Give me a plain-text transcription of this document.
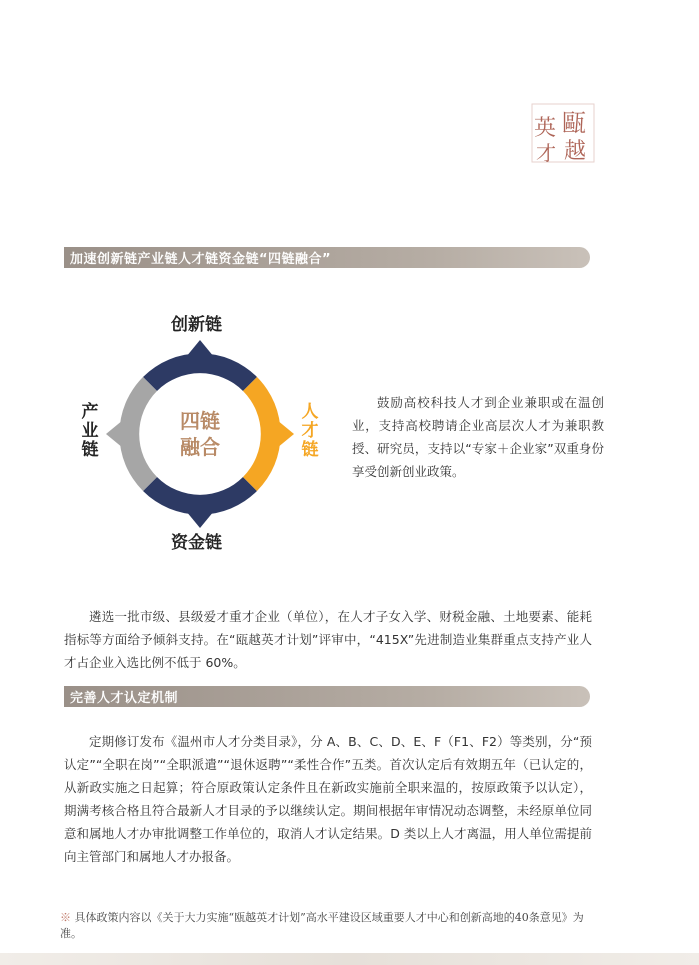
甌
越
英
才
加速创新链产业链人才链资金链“四链融合”
创新链
资金链
产
业
链
人
才
链
四链
融合

鼓励高校科技人才到企业兼职或在温创业，支持高校聘请企业高层次人才为兼职教授、研究员，支持以“专家＋企业家”双重身份享受创新创业政策。

遴选一批市级、县级爱才重才企业（单位），在人才子女入学、财税金融、土地要素、能耗指标等方面给予倾斜支持。在“瓯越英才计划”评审中，“415X”先进制造业集群重点支持产业人才占企业入选比例不低于 60%。

完善人才认定机制

定期修订发布《温州市人才分类目录》，分 A、B、C、D、E、F（F1、F2）等类别，分“预认定”“全职在岗”“全职派遣”“退休返聘”“柔性合作”五类。首次认定后有效期五年（已认定的，从新政实施之日起算；符合原政策认定条件且在新政实施前全职来温的，按原政策予以认定），期满考核合格且符合最新人才目录的予以继续认定。期间根据年审情况动态调整，未经原单位同意和属地人才办审批调整工作单位的，取消人才认定结果。D 类以上人才离温，用人单位需提前向主管部门和属地人才办报备。

※ 具体政策内容以《关于大力实施“瓯越英才计划”高水平建设区域重要人才中心和创新高地的40条意见》为准。
